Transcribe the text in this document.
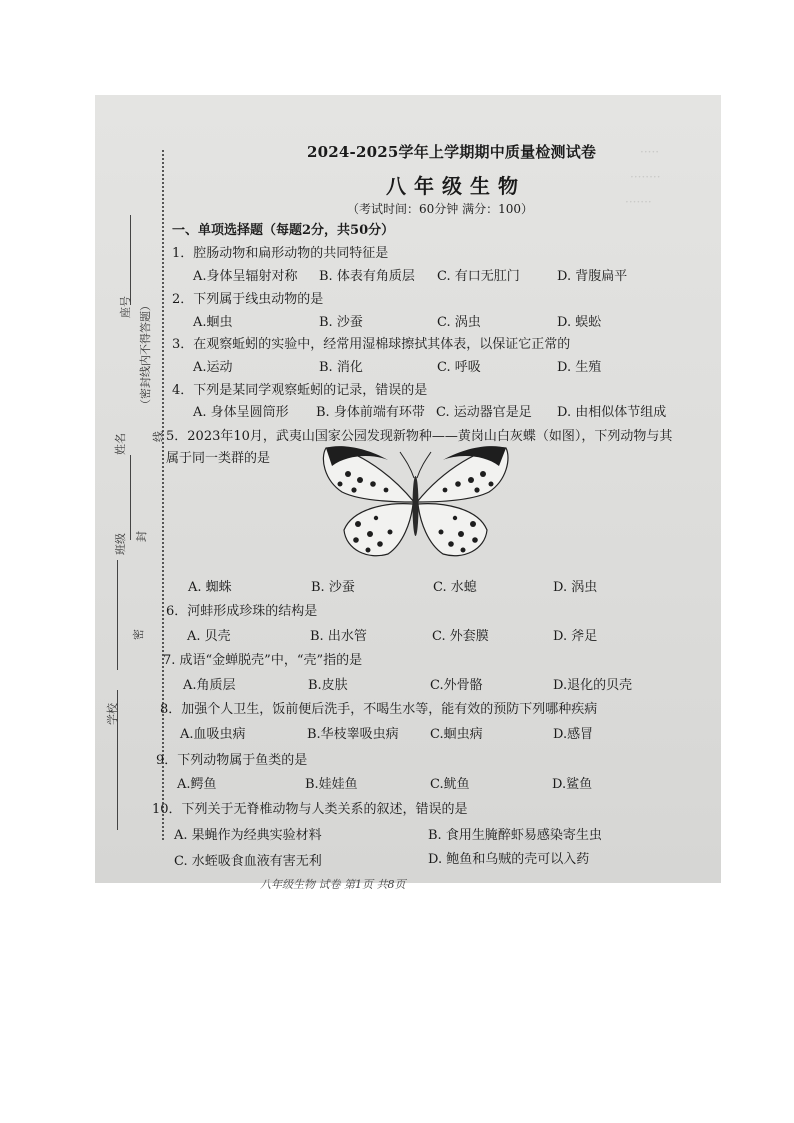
·····
········
·······
2024-2025学年上学期期中质量检测试卷
八年级生物
（考试时间：60分钟 满分：100）
座号 （密封线内不得答题）
线
姓名
封
班级
密
学校
一、单项选择题（每题2分，共50分）
1．腔肠动物和扁形动物的共同特征是
A.身体呈辐射对称 B. 体表有角质层 C. 有口无肛门	D. 背腹扁平
2．下列属于线虫动物的是
A.蛔虫	B. 沙蚕	C. 涡虫	D. 蜈蚣
3．在观察蚯蚓的实验中，经常用湿棉球擦拭其体表，以保证它正常的
A.运动	B. 消化	C. 呼吸	D. 生殖
4．下列是某同学观察蚯蚓的记录，错误的是
A. 身体呈圆筒形 B. 身体前端有环带 C. 运动器官是足 D. 由相似体节组成
5．2023年10月，武夷山国家公园发现新物种——黄岗山白灰蝶（如图），下列动物与其
属于同一类群的是
A. 蜘蛛	B. 沙蚕	C. 水螅	D. 涡虫
6．河蚌形成珍珠的结构是
A. 贝壳	B. 出水管	C. 外套膜	D. 斧足
7. 成语“金蝉脱壳”中，“壳”指的是
A.角质层	B.皮肤	C.外骨骼	D.退化的贝壳
8．加强个人卫生，饭前便后洗手，不喝生水等，能有效的预防下列哪种疾病
A.血吸虫病	B.华枝睾吸虫病 C.蛔虫病	D.感冒
9．下列动物属于鱼类的是
A.鳄鱼	B.娃娃鱼	C.鱿鱼	D.鲨鱼
10．下列关于无脊椎动物与人类关系的叙述，错误的是
A. 果蝇作为经典实验材料	B. 食用生腌醉虾易感染寄生虫
C. 水蛭吸食血液有害无利	D. 鲍鱼和乌贼的壳可以入药
八年级生物 试卷 第1页 共8页
